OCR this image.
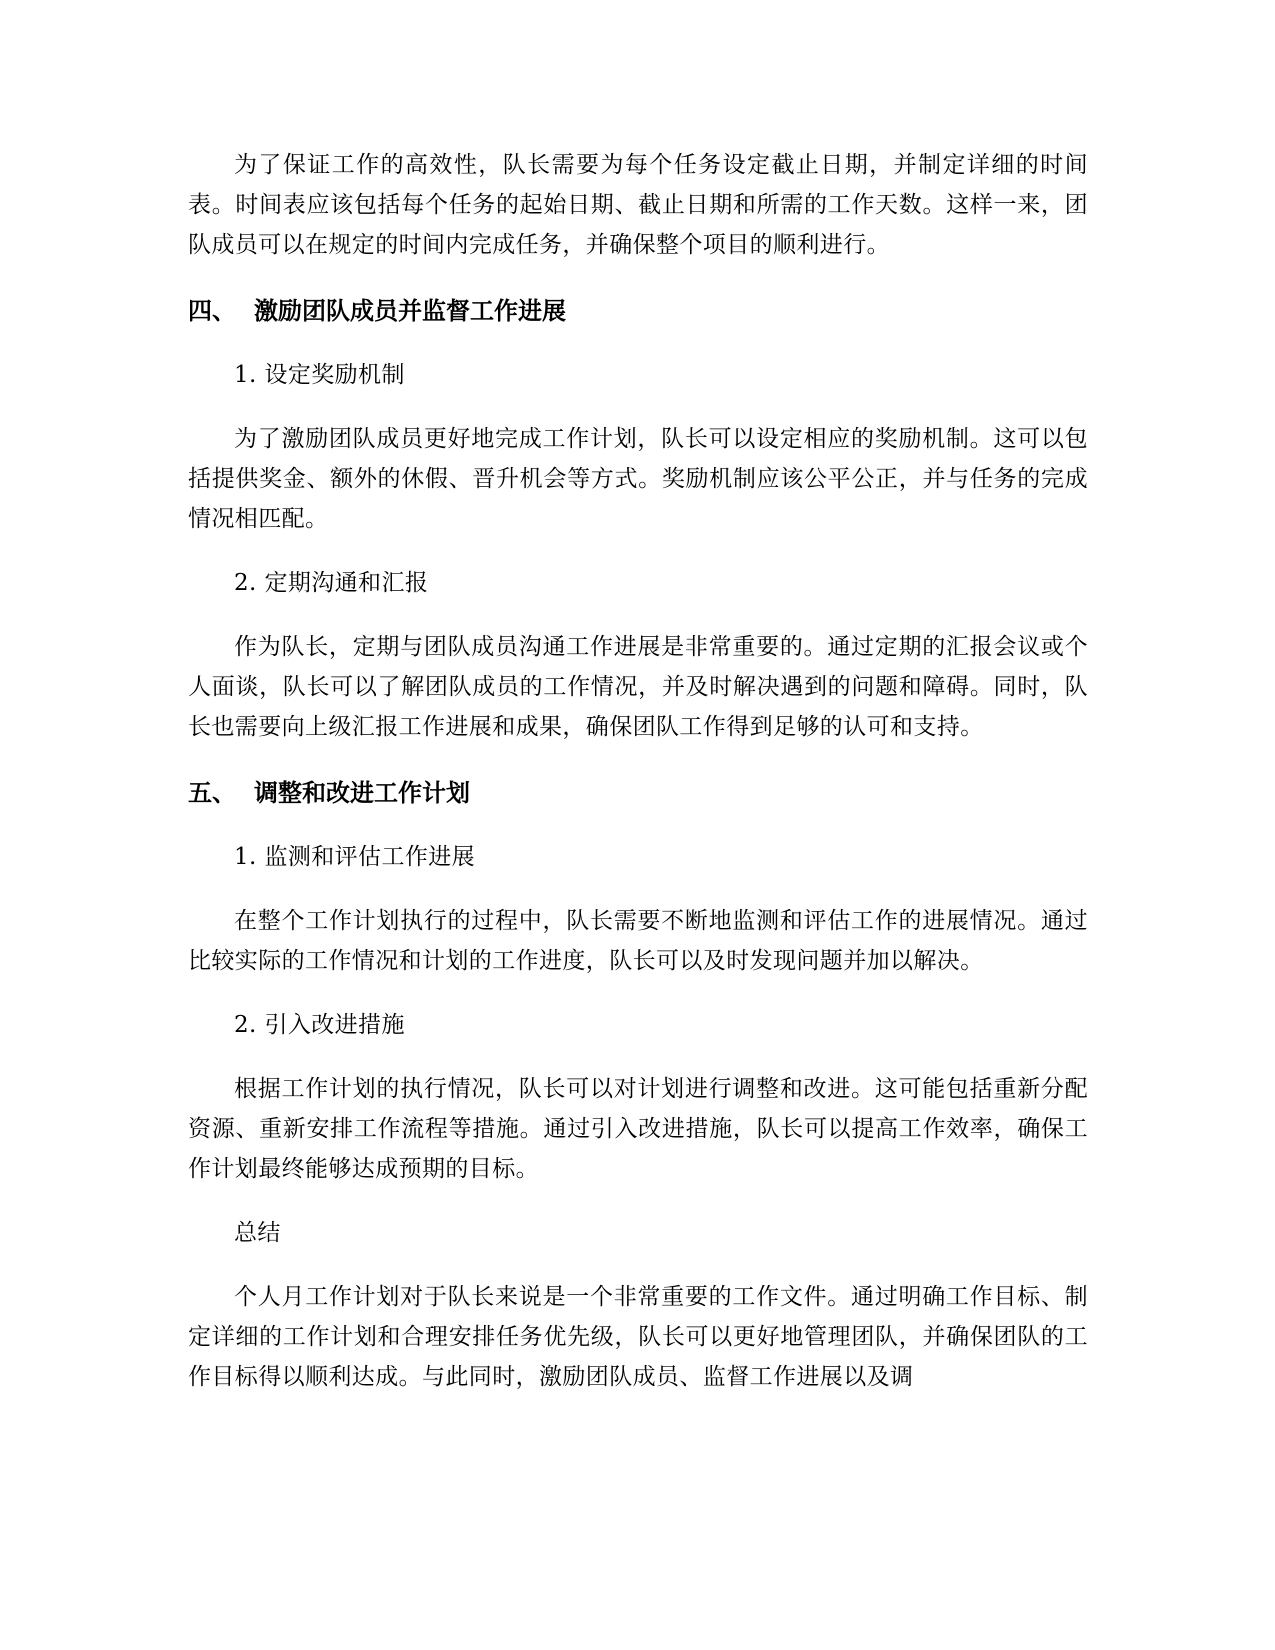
为了保证工作的高效性，队长需要为每个任务设定截止日期，并制定详细的时间表。时间表应该包括每个任务的起始日期、截止日期和所需的工作天数。这样一来，团队成员可以在规定的时间内完成任务，并确保整个项目的顺利进行。

四、 激励团队成员并监督工作进展

1. 设定奖励机制

为了激励团队成员更好地完成工作计划，队长可以设定相应的奖励机制。这可以包括提供奖金、额外的休假、晋升机会等方式。奖励机制应该公平公正，并与任务的完成情况相匹配。

2. 定期沟通和汇报

作为队长，定期与团队成员沟通工作进展是非常重要的。通过定期的汇报会议或个人面谈，队长可以了解团队成员的工作情况，并及时解决遇到的问题和障碍。同时，队长也需要向上级汇报工作进展和成果，确保团队工作得到足够的认可和支持。

五、 调整和改进工作计划

1. 监测和评估工作进展

在整个工作计划执行的过程中，队长需要不断地监测和评估工作的进展情况。通过比较实际的工作情况和计划的工作进度，队长可以及时发现问题并加以解决。

2. 引入改进措施

根据工作计划的执行情况，队长可以对计划进行调整和改进。这可能包括重新分配资源、重新安排工作流程等措施。通过引入改进措施，队长可以提高工作效率，确保工作计划最终能够达成预期的目标。

总结

个人月工作计划对于队长来说是一个非常重要的工作文件。通过明确工作目标、制定详细的工作计划和合理安排任务优先级，队长可以更好地管理团队，并确保团队的工作目标得以顺利达成。与此同时，激励团队成员、监督工作进展以及调
